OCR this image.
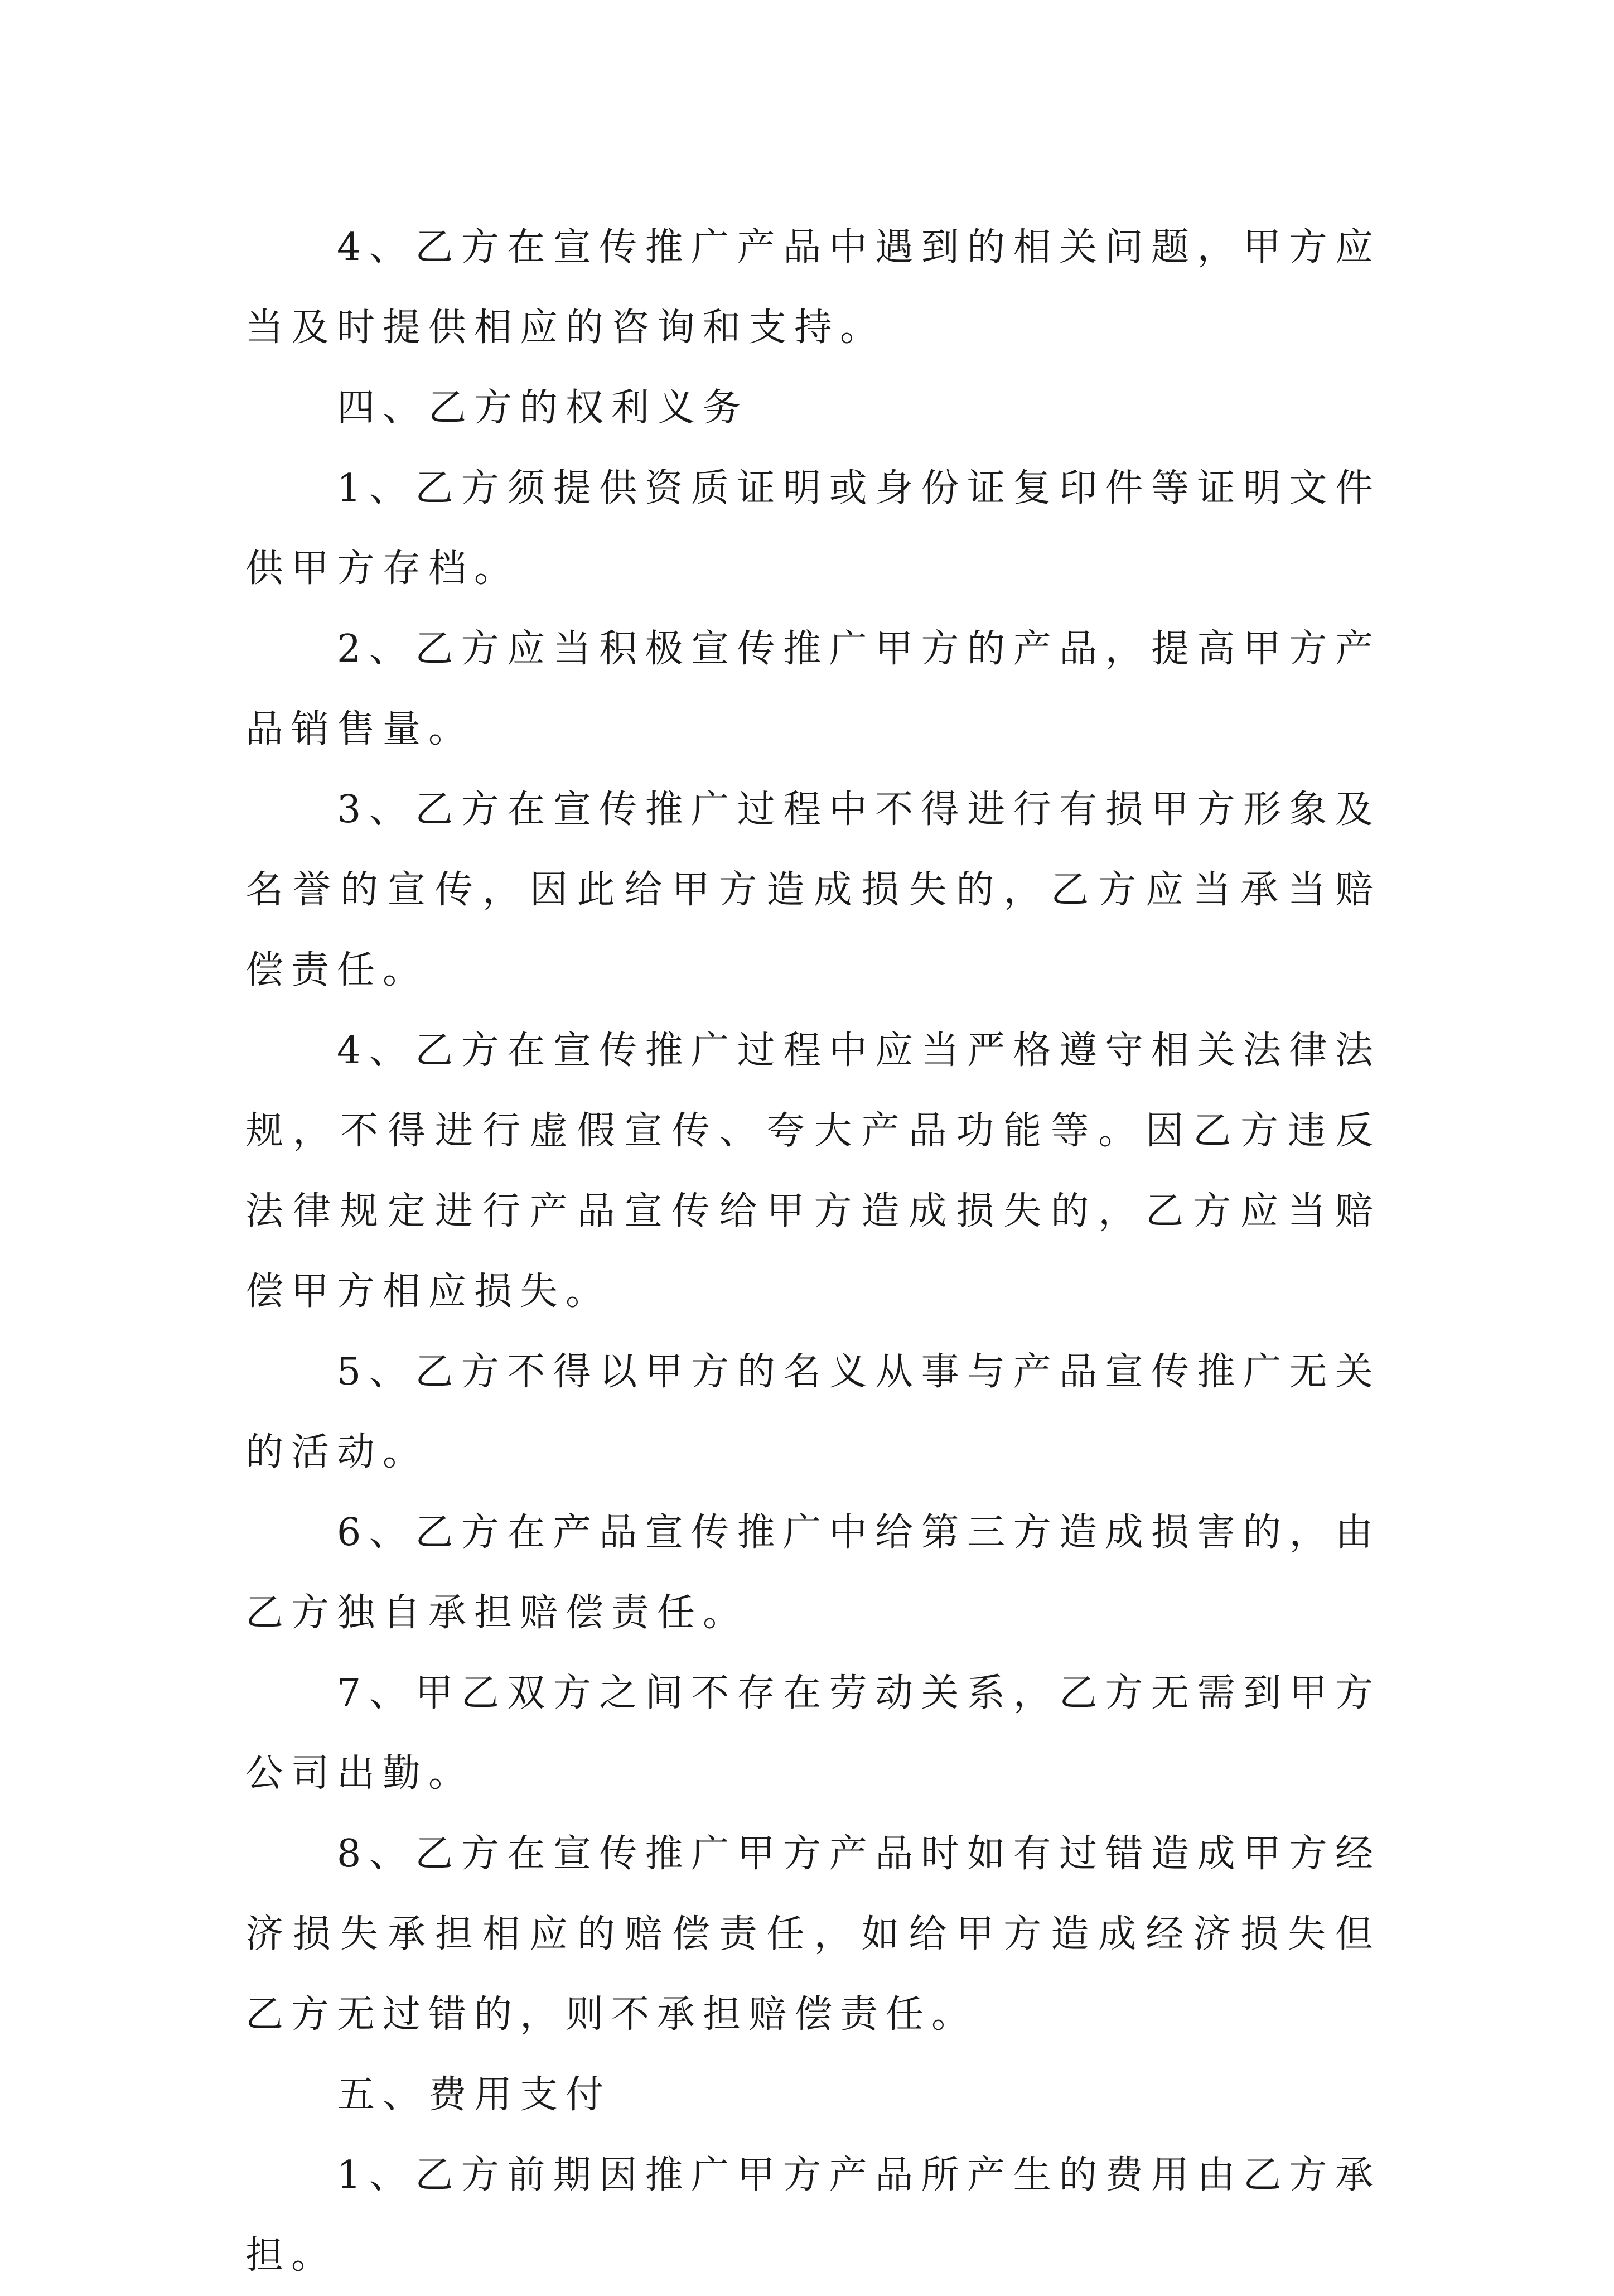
4、乙方在宣传推广产品中遇到的相关问题，甲方应当及时提供相应的咨询和支持。

四、乙方的权利义务

1、乙方须提供资质证明或身份证复印件等证明文件供甲方存档。

2、乙方应当积极宣传推广甲方的产品，提高甲方产品销售量。

3、乙方在宣传推广过程中不得进行有损甲方形象及名誉的宣传，因此给甲方造成损失的，乙方应当承当赔偿责任。

4、乙方在宣传推广过程中应当严格遵守相关法律法规，不得进行虚假宣传、夸大产品功能等。因乙方违反法律规定进行产品宣传给甲方造成损失的，乙方应当赔偿甲方相应损失。

5、乙方不得以甲方的名义从事与产品宣传推广无关的活动。

6、乙方在产品宣传推广中给第三方造成损害的，由乙方独自承担赔偿责任。

7、甲乙双方之间不存在劳动关系，乙方无需到甲方公司出勤。

8、乙方在宣传推广甲方产品时如有过错造成甲方经济损失承担相应的赔偿责任，如给甲方造成经济损失但乙方无过错的，则不承担赔偿责任。

五、费用支付

1、乙方前期因推广甲方产品所产生的费用由乙方承担。
